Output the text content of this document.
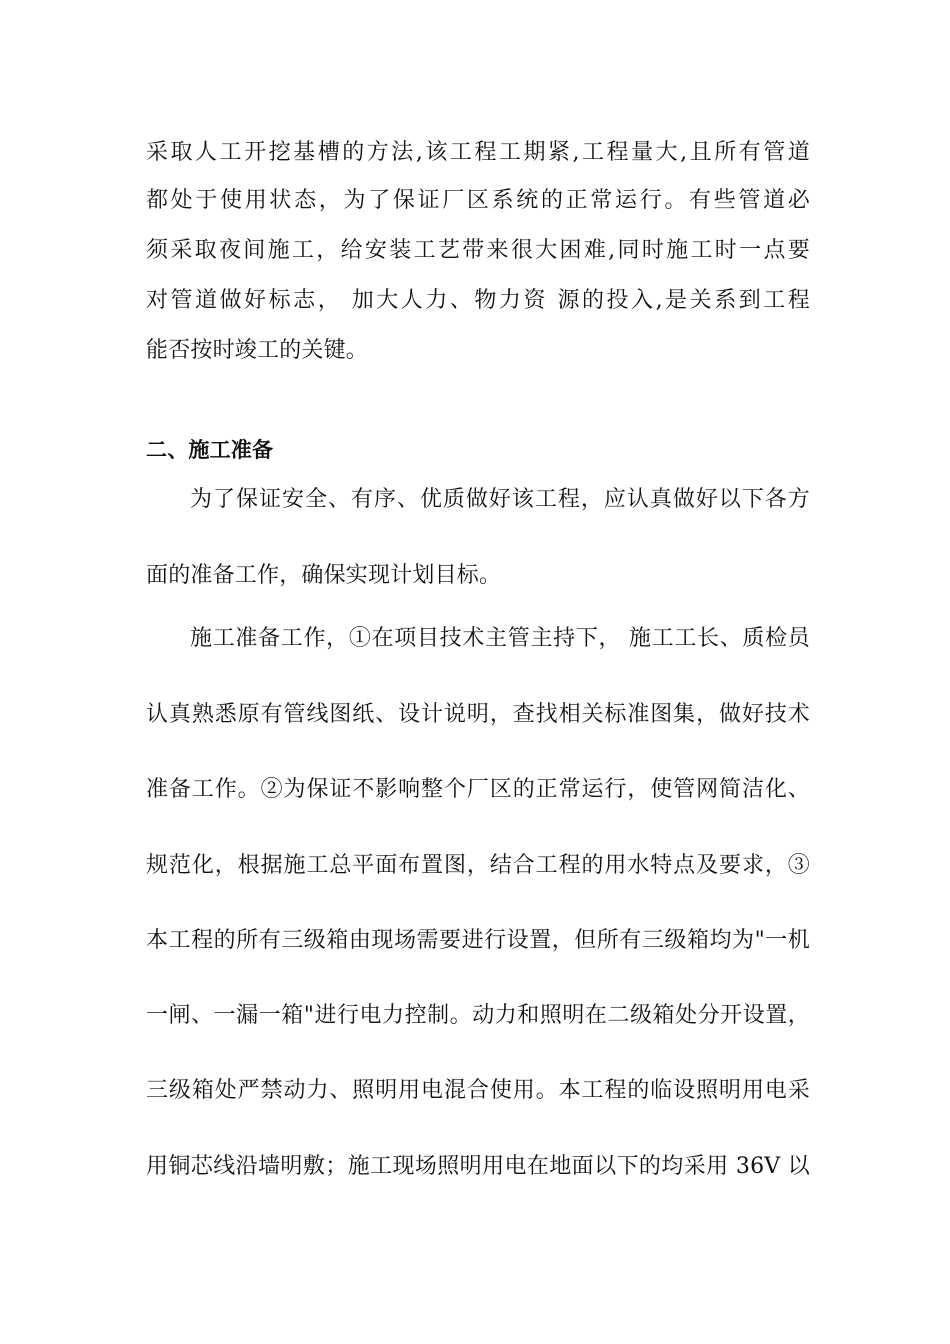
采取人工开挖基槽的方法,该工程工期紧,工程量大,且所有管道
都处于使用状态，为了保证厂区系统的正常运行。有些管道必
须采取夜间施工，给安装工艺带来很大困难,同时施工时一点要
对管道做好标志， 加大人力、物力资 源的投入,是关系到工程
能否按时竣工的关键。
二、施工准备
为了保证安全、有序、优质做好该工程，应认真做好以下各方
面的准备工作，确保实现计划目标。
施工准备工作，①在项目技术主管主持下， 施工工长、质检员
认真熟悉原有管线图纸、设计说明，查找相关标准图集，做好技术
准备工作。②为保证不影响整个厂区的正常运行，使管网简洁化、
规范化，根据施工总平面布置图，结合工程的用水特点及要求，③
本工程的所有三级箱由现场需要进行设置，但所有三级箱均为"一机
一闸、一漏一箱"进行电力控制。动力和照明在二级箱处分开设置，
三级箱处严禁动力、照明用电混合使用。本工程的临设照明用电采
用铜芯线沿墙明敷；施工现场照明用电在地面以下的均采用 36V 以
